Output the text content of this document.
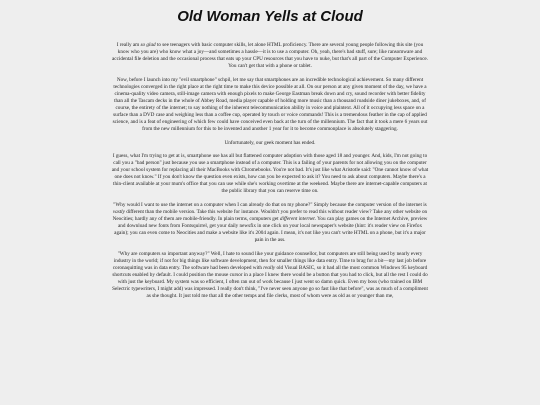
Old Woman Yells at Cloud

I really am so glad to see teenagers with basic computer skills, let alone HTML proficiency. There are several young people following this site (you know who you are) who know what a joy—and sometimes a hassle—it is to use a computer. Oh, yeah, there's bad stuff, sure; like ransomware and accidental file deletion and the occasional process that eats up your CPU resources that you have to nuke, but that's all part of the Computer Experience. You can't get that with a phone or tablet.

Now, before I launch into my "evil smartphone" schpil, let me say that smartphones are an incredible technological achievement. So many different technologies converged in the right place at the right time to make this device possible at all. On our person at any given moment of the day, we have a cinema-quality video camera, still-image camera with enough pixels to make George Eastman break down and cry, sound recorder with better fidelity than all the Tascam decks in the whole of Abbey Road, media player capable of holding more music than a thousand roadside diner jukeboxes, and, of course, the entirety of the internet; to say nothing of the inherent telecommunication ability in voice and plaintext. All of it occupying less space on a surface than a DVD case and weighing less than a coffee cup, operated by touch or voice commands! This is a tremendous feather in the cap of applied science, and is a feat of engineering of which few could have conceived even back at the turn of the millennium. The fact that it took a mere 6 years out from the new millennium for this to be invented and another 1 year for it to become commonplace is absolutely staggering.

Unfortunately, our geek moment has ended.

I guess, what I'm trying to get at is, smartphone use has all but flattened computer adoption with those aged 18 and younger. And, kids, I'm not going to call you a "bad person" just because you use a smartphone instead of a computer. This is a failing of your parents for not allowing you on the computer and your school system for replacing all their MacBooks with Chromebooks. You're not bad. It's just like what Aristotle said: "One cannot know of what one does not know." If you don't know the question even exists, how can you be expected to ask it? You need to ask about computers. Maybe there's a thin-client available at your mum's office that you can use while she's working overtime at the weekend. Maybe there are internet-capable computers at the public library that you can reserve time on.

"Why would I want to use the internet on a computer when I can already do that on my phone?" Simply because the computer version of the internet is vastly different than the mobile version. Take this website for instance. Wouldn't you prefer to read this without reader view? Take any other website on Neocities; hardly any of them are mobile-friendly. In plain terms, computers get different internet. You can play games on the Internet Archive, preview and download new fonts from Fontsquirrel, get your daily newsfix in one click on your local newspaper's website (hint: it's reader view on Firefox again); you can even come to Neocities and make a website like it's 2004 again. I mean, it's not like you can't write HTML on a phone, but it's a major pain in the ass.

"Why are computers so important anyway?" Well, I hate to sound like your guidance counsellor, but computers are still being used by nearly every industry in the world; if not for big things like software development, then for smaller things like data entry. Time to brag for a bit—my last job before coronaquitting was in data entry. The software had been developed with really old Visual BASIC, so it had all the most common Windows 95 keyboard shortcuts enabled by default. I could position the mouse cursor in a place I knew there would be a button that you had to click, but all the rest I could do with just the keyboard. My system was so efficient, I often ran out of work because I just went so damn quick. Even my boss (who trained on IBM Selectric typewriters, I might add) was impressed. I really don't think, "I've never seen anyone go so fast like that before", was as much of a compliment as she thought. It just told me that all the other temps and file clerks, most of whom were as old as or younger than me,
